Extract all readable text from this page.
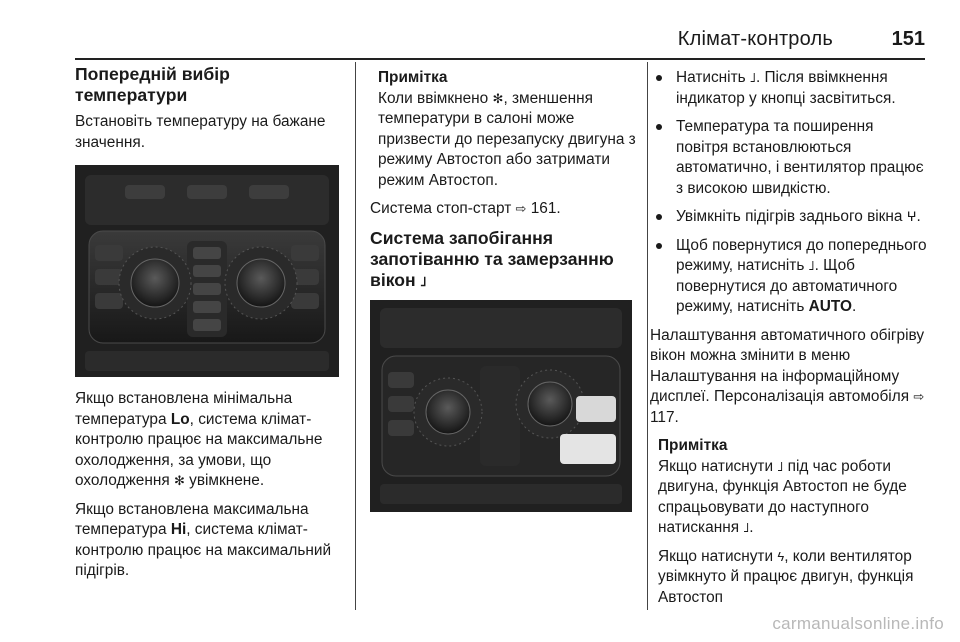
Клімат-контроль	151
Попередній вибір температури

Встановіть температуру на бажане значення.

Якщо встановлена мінімальна температура Lo, система клімат-контролю працює на максимальне охолодження, за умови, що охолодження ✻ увімкнене.

Якщо встановлена максимальна температура Hi, система клімат-контролю працює на максимальний підігрів.

Примітка
Коли ввімкнено ✻, зменшення температури в салоні може призвести до перезапуску двигуна з режиму Автостоп або затримати режим Автостоп.

Система стоп-старт ⇨ 161.

Система запобігання запотіванню та замерзанню вікон ࡋ
Натисніть ࡋ. Після ввімкнення індикатор у кнопці засвітиться.
Температура та поширення повітря встановлюються автоматично, і вентилятор працює з високою швидкістю.
Увімкніть підігрів заднього вікна ⵖ.
Щоб повернутися до попереднього режиму, натисніть ࡋ. Щоб повернутися до автоматичного режиму, натисніть AUTO.

Налаштування автоматичного обігріву вікон можна змінити в меню Налаштування на інформаційному дисплеї. Персоналізація автомобіля ⇨ 117.

Примітка
Якщо натиснути ࡋ під час роботи двигуна, функція Автостоп не буде спрацьовувати до наступного натискання ࡋ.

Якщо натиснути ϟ, коли вентилятор увімкнуто й працює двигун, функція Автостоп

carmanualsonline.info
